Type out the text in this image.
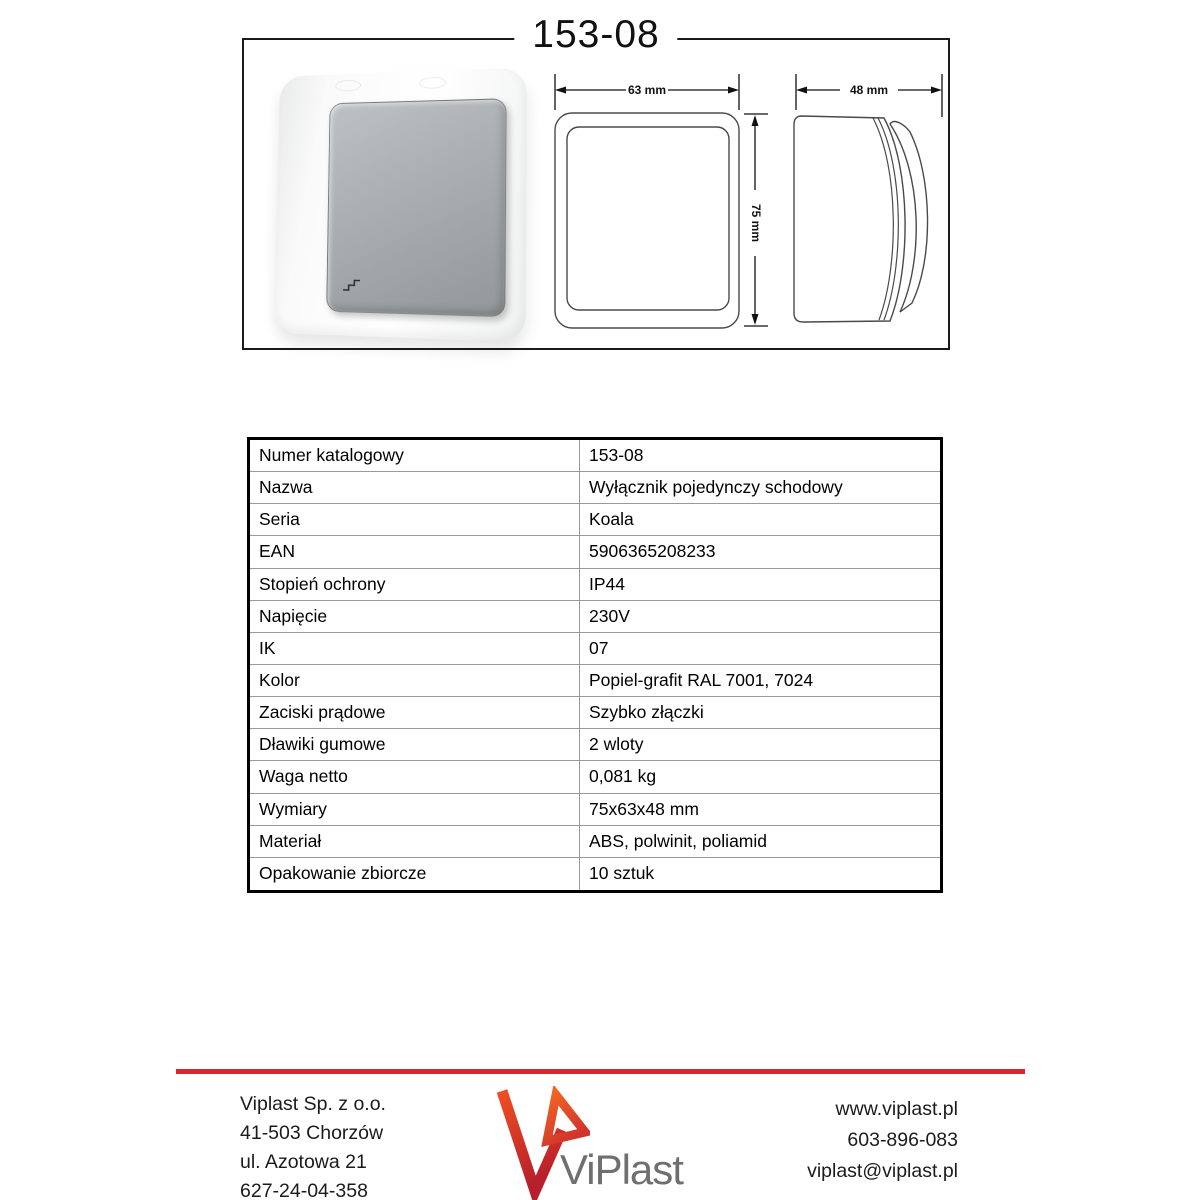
153-08
63 mm
75 mm
48 mm
Numer katalogowy	153-08
Nazwa	Wyłącznik pojedynczy schodowy
Seria	Koala
EAN	5906365208233
Stopień ochrony	IP44
Napięcie	230V
IK	07
Kolor	Popiel-grafit RAL 7001, 7024
Zaciski prądowe	Szybko złączki
Dławiki gumowe	2 wloty
Waga netto	0,081 kg
Wymiary	75x63x48 mm
Materiał	ABS, polwinit, poliamid
Opakowanie zbiorcze	10 sztuk
Viplast Sp. z o.o.
41-503 Chorzów
ul. Azotowa 21
627-24-04-358	ViPlast
www.viplast.pl
603-896-083
viplast@viplast.pl
